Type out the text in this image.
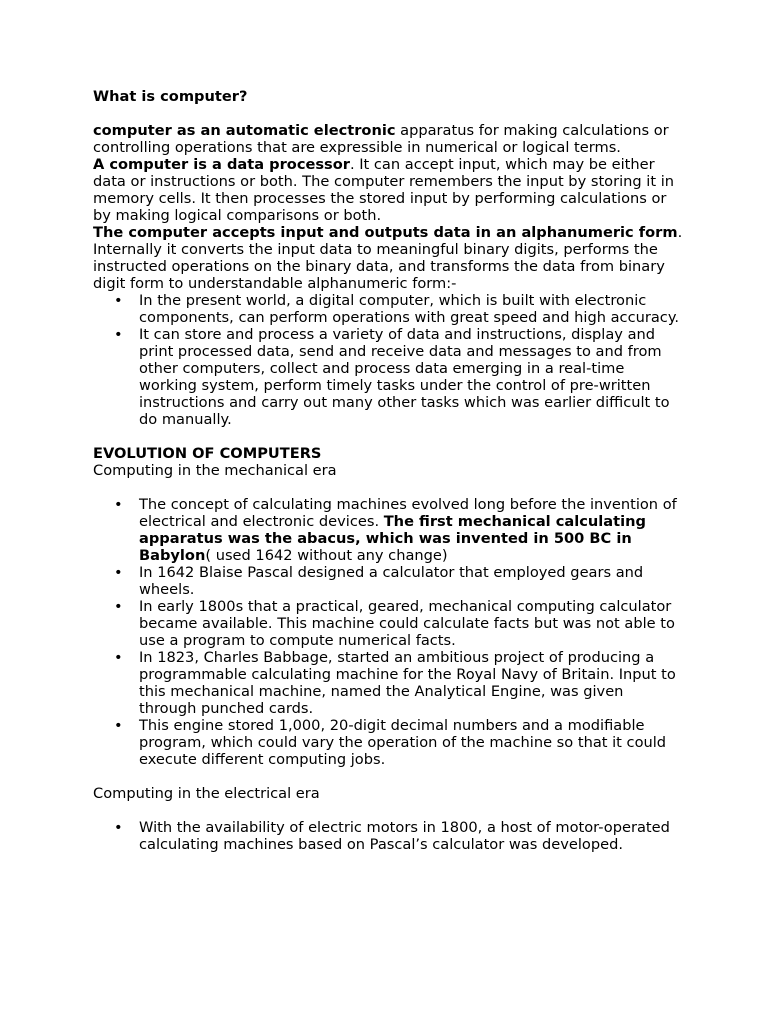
What is computer?

computer as an automatic electronic apparatus for making calculations or controlling operations that are expressible in numerical or logical terms.

A computer is a data processor. It can accept input, which may be either data or instructions or both. The computer remembers the input by storing it in memory cells. It then processes the stored input by performing calculations or by making logical comparisons or both.

The computer accepts input and outputs data in an alphanumeric form. Internally it converts the input data to meaningful binary digits, performs the instructed operations on the binary data, and transforms the data from binary digit form to understandable alphanumeric form:-

• In the present world, a digital computer, which is built with electronic components, can perform operations with great speed and high accuracy.
• It can store and process a variety of data and instructions, display and print processed data, send and receive data and messages to and from other computers, collect and process data emerging in a real-time working system, perform timely tasks under the control of pre-written instructions and carry out many other tasks which was earlier difficult to do manually.

EVOLUTION OF COMPUTERS

Computing in the mechanical era

• The concept of calculating machines evolved long before the invention of electrical and electronic devices. The first mechanical calculating apparatus was the abacus, which was invented in 500 BC in Babylon( used 1642 without any change)
• In 1642 Blaise Pascal designed a calculator that employed gears and wheels.
• In early 1800s that a practical, geared, mechanical computing calculator became available. This machine could calculate facts but was not able to use a program to compute numerical facts.
• In 1823, Charles Babbage, started an ambitious project of producing a programmable calculating machine for the Royal Navy of Britain. Input to this mechanical machine, named the Analytical Engine, was given through punched cards.
• This engine stored 1,000, 20-digit decimal numbers and a modifiable program, which could vary the operation of the machine so that it could execute different computing jobs.

Computing in the electrical era

• With the availability of electric motors in 1800, a host of motor-operated calculating machines based on Pascal’s calculator was developed.
